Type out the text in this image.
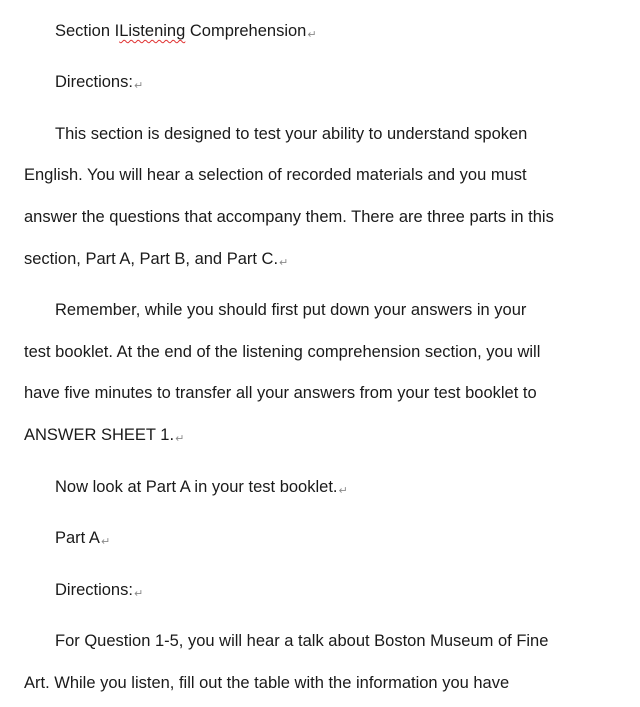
Section IListening Comprehension↵
Directions:↵
This section is designed to test your ability to understand spoken
English. You will hear a selection of recorded materials and you must
answer the questions that accompany them. There are three parts in this
section, Part A, Part B, and Part C.↵
Remember, while you should first put down your answers in your
test booklet. At the end of the listening comprehension section, you will
have five minutes to transfer all your answers from your test booklet to
ANSWER SHEET 1.↵
Now look at Part A in your test booklet.↵
Part A↵
Directions:↵
For Question 1-5, you will hear a talk about Boston Museum of Fine
Art. While you listen, fill out the table with the information you have
